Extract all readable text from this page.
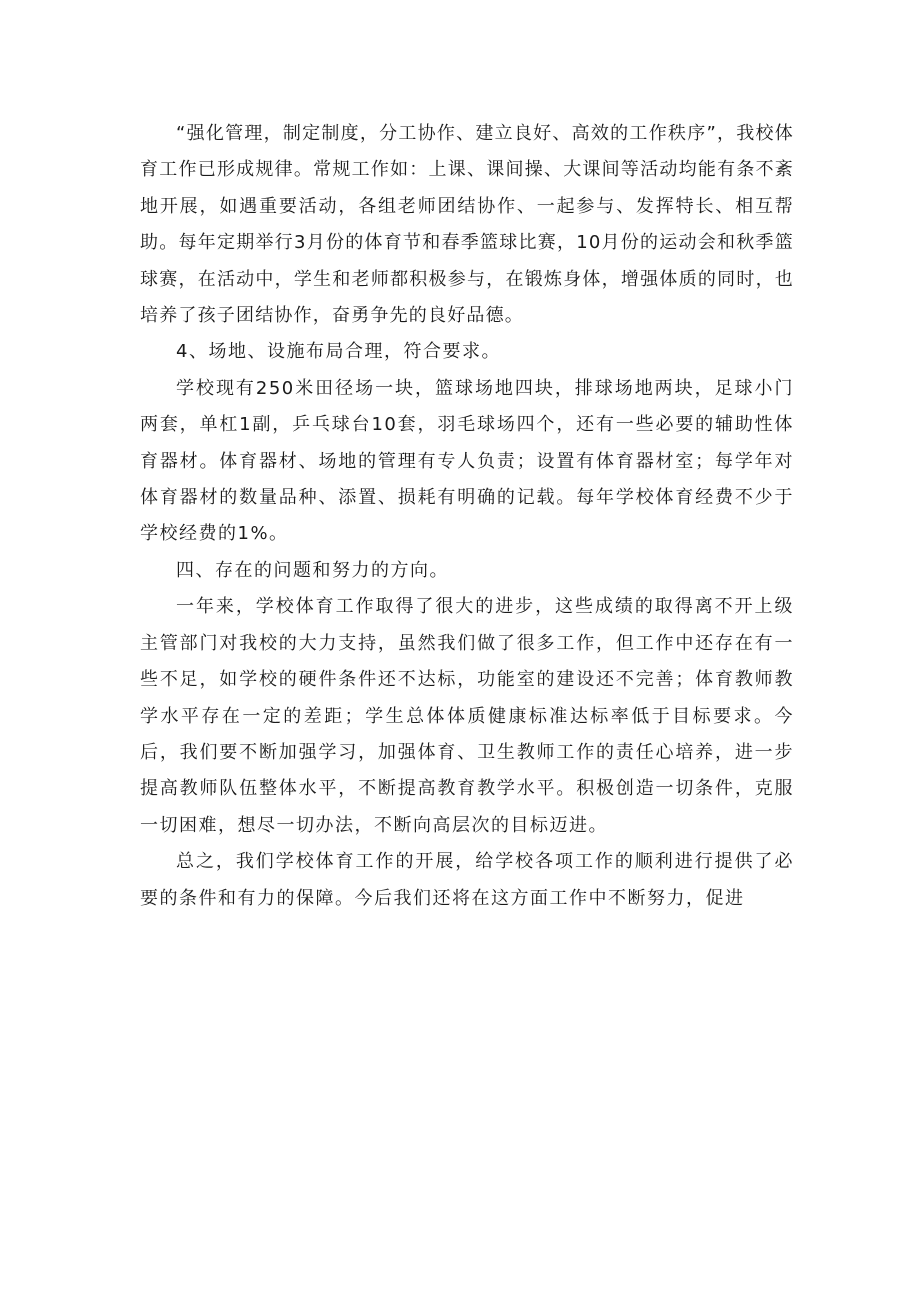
“强化管理，制定制度，分工协作、建立良好、高效的工作秩序”，我校体育工作已形成规律。常规工作如：上课、课间操、大课间等活动均能有条不紊地开展，如遇重要活动，各组老师团结协作、一起参与、发挥特长、相互帮助。每年定期举行3月份的体育节和春季篮球比赛，10月份的运动会和秋季篮球赛，在活动中，学生和老师都积极参与，在锻炼身体，增强体质的同时，也培养了孩子团结协作，奋勇争先的良好品德。

4、场地、设施布局合理，符合要求。

学校现有250米田径场一块，篮球场地四块，排球场地两块，足球小门两套，单杠1副，乒乓球台10套，羽毛球场四个，还有一些必要的辅助性体育器材。体育器材、场地的管理有专人负责；设置有体育器材室；每学年对体育器材的数量品种、添置、损耗有明确的记载。每年学校体育经费不少于学校经费的1%。

四、存在的问题和努力的方向。

一年来，学校体育工作取得了很大的进步，这些成绩的取得离不开上级主管部门对我校的大力支持，虽然我们做了很多工作，但工作中还存在有一些不足，如学校的硬件条件还不达标，功能室的建设还不完善；体育教师教学水平存在一定的差距；学生总体体质健康标准达标率低于目标要求。今后，我们要不断加强学习，加强体育、卫生教师工作的责任心培养，进一步提高教师队伍整体水平，不断提高教育教学水平。积极创造一切条件，克服一切困难，想尽一切办法，不断向高层次的目标迈进。

总之，我们学校体育工作的开展，给学校各项工作的顺利进行提供了必要的条件和有力的保障。今后我们还将在这方面工作中不断努力，促进
